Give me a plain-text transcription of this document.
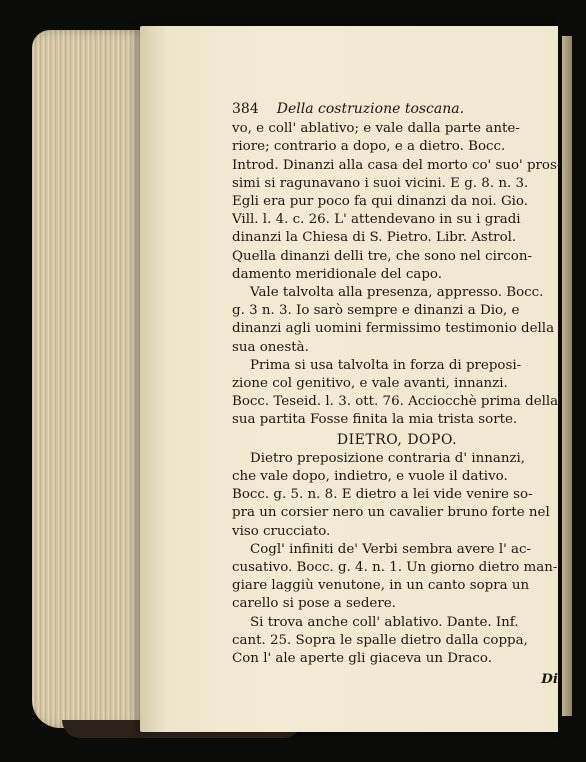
384 Della costruzione toscana.
vo, e coll' ablativo; e vale dalla parte ante-
riore; contrario a dopo, e a dietro. Bocc.
Introd. Dinanzi alla casa del morto co' suo' pros-
simi si ragunavano i suoi vicini. E g. 8. n. 3.
Egli era pur poco fa qui dinanzi da noi. Gio.
Vill. l. 4. c. 26. L' attendevano in su i gradi
dinanzi la Chiesa di S. Pietro. Libr. Astrol.
Quella dinanzi delli tre, che sono nel circon-
damento meridionale del capo.
Vale talvolta alla presenza, appresso. Bocc.
g. 3 n. 3. Io sarò sempre e dinanzi a Dio, e
dinanzi agli uomini fermissimo testimonio della
sua onestà.
Prima si usa talvolta in forza di preposi-
zione col genitivo, e vale avanti, innanzi.
Bocc. Teseid. l. 3. ott. 76. Acciocchè prima della
sua partita Fosse finita la mia trista sorte.
DIETRO, DOPO.
Dietro preposizione contraria d' innanzi,
che vale dopo, indietro, e vuole il dativo.
Bocc. g. 5. n. 8. E dietro a lei vide venire so-
pra un corsier nero un cavalier bruno forte nel
viso crucciato.
Cogl' infiniti de' Verbi sembra avere l' ac-
cusativo. Bocc. g. 4. n. 1. Un giorno dietro man-
giare laggiù venutone, in un canto sopra un
carello si pose a sedere.
Si trova anche coll' ablativo. Dante. Inf.
cant. 25. Sopra le spalle dietro dalla coppa,
Con l' ale aperte gli giaceva un Draco.
Di
